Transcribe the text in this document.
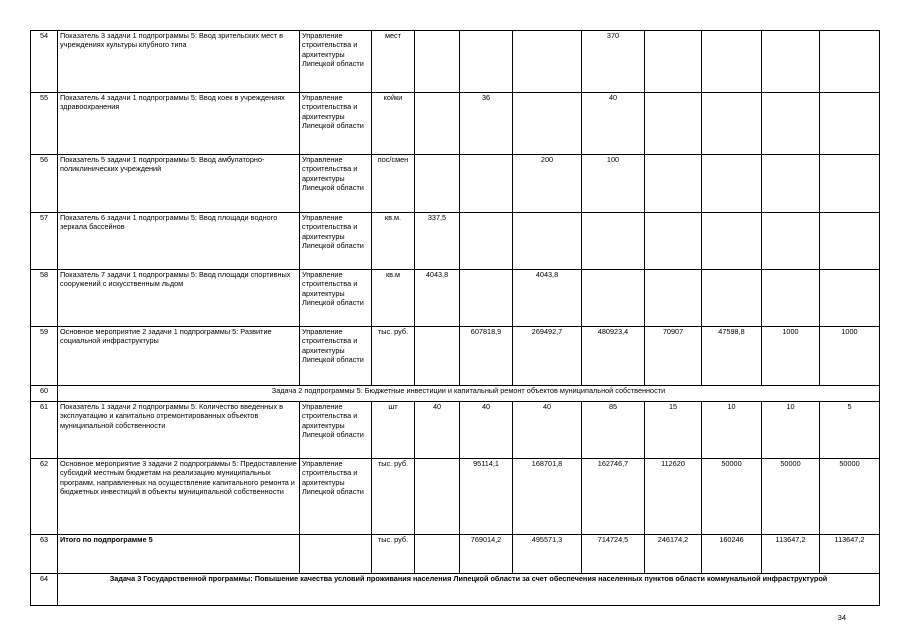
54	Показатель 3 задачи 1 подпрограммы 5: Ввод зрительских мест в учреждениях культуры клубного типа	Управление строительства и архитектуры Липецкой области	мест				370				
55	Показатель 4 задачи 1 подпрограммы 5: Ввод коек в учреждениях здравоохранения	Управление строительства и архитектуры Липецкой области	койки		36		40				
56	Показатель 5 задачи 1 подпрограммы 5: Ввод амбулаторно-поликлинических учреждений	Управление строительства и архитектуры Липецкой области	пос/смен			200	100				
57	Показатель 6 задачи 1 подпрограммы 5: Ввод площади водного зеркала бассейнов	Управление строительства и архитектуры Липецкой области	кв.м.	337,5							
58	Показатель 7 задачи 1 подпрограммы 5: Ввод площади спортивных сооружений с искусственным льдом	Управление строительства и архитектуры Липецкой области	кв.м	4043,8		4043,8					
59	Основное мероприятие 2 задачи 1 подпрограммы 5: Развитие социальной инфраструктуры	Управление строительства и архитектуры Липецкой области	тыс. руб.		607818,9	269492,7	480923,4	70907	47598,8	1000	1000
60	Задача 2 подпрограммы 5: Бюджетные инвестиции и капитальный ремонт объектов муниципальной собственности										
61	Показатель 1 задачи 2 подпрограммы 5: Количество введенных в эксплуатацию и капитально отремонтированных объектов муниципальной собственности	Управление строительства и архитектуры Липецкой области	шт	40	40	40	85	15	10	10	5
62	Основное мероприятие 3 задачи 2 подпрограммы 5: Предоставление субсидий местным бюджетам на реализацию муниципальных программ, направленных на осуществление капитального ремонта и бюджетных инвестиций в объекты муниципальной собственности	Управление строительства и архитектуры Липецкой области	тыс. руб.		95114,1	168701,8	162746,7	112620	50000	50000	50000
63	Итого по подпрограмме 5		тыс. руб.		769014,2	495571,3	714724,5	246174,2	160246	113647,2	113647,2
64	Задача 3 Государственной программы: Повышение качества условий проживания населения Липецкой области за счет обеспечения населенных пунктов области коммунальной инфраструктурой										
34
